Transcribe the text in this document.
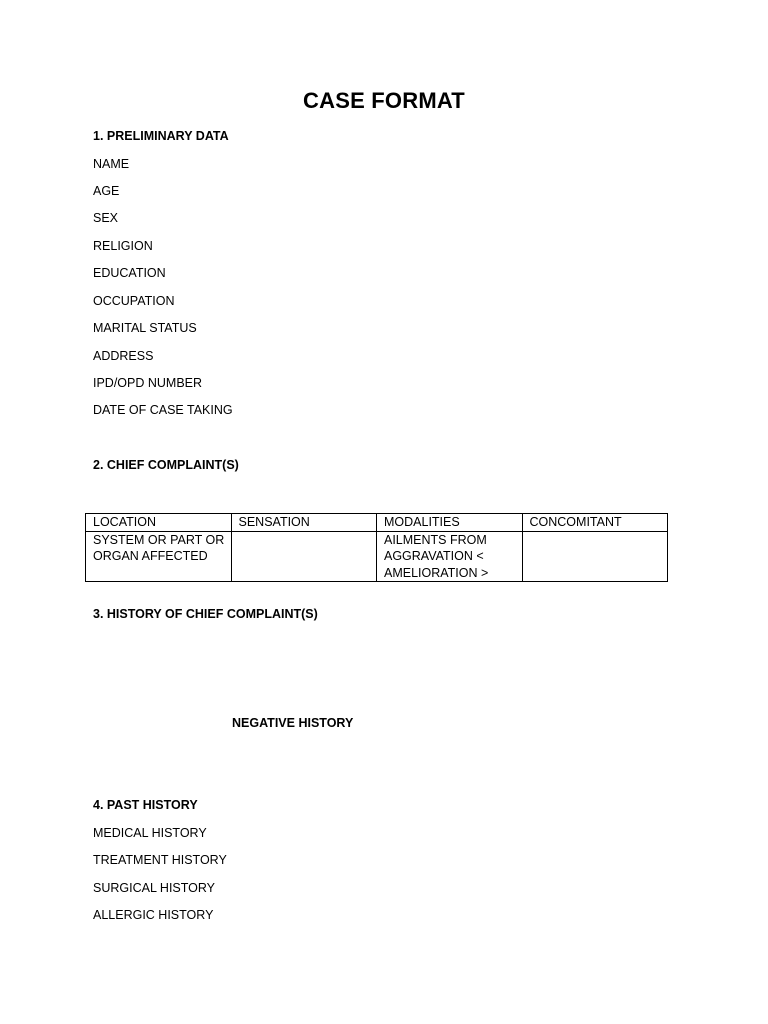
CASE FORMAT
1. PRELIMINARY DATA
NAME
AGE
SEX
RELIGION
EDUCATION
OCCUPATION
MARITAL STATUS
ADDRESS
IPD/OPD NUMBER
DATE OF CASE TAKING
2. CHIEF COMPLAINT(S)
LOCATION	SENSATION	MODALITIES	CONCOMITANT
SYSTEM OR PART OR ORGAN AFFECTED		AILMENTS FROM AGGRAVATION < AMELIORATION >	
3. HISTORY OF CHIEF COMPLAINT(S)
NEGATIVE HISTORY
4. PAST HISTORY
MEDICAL HISTORY
TREATMENT HISTORY
SURGICAL HISTORY
ALLERGIC HISTORY
